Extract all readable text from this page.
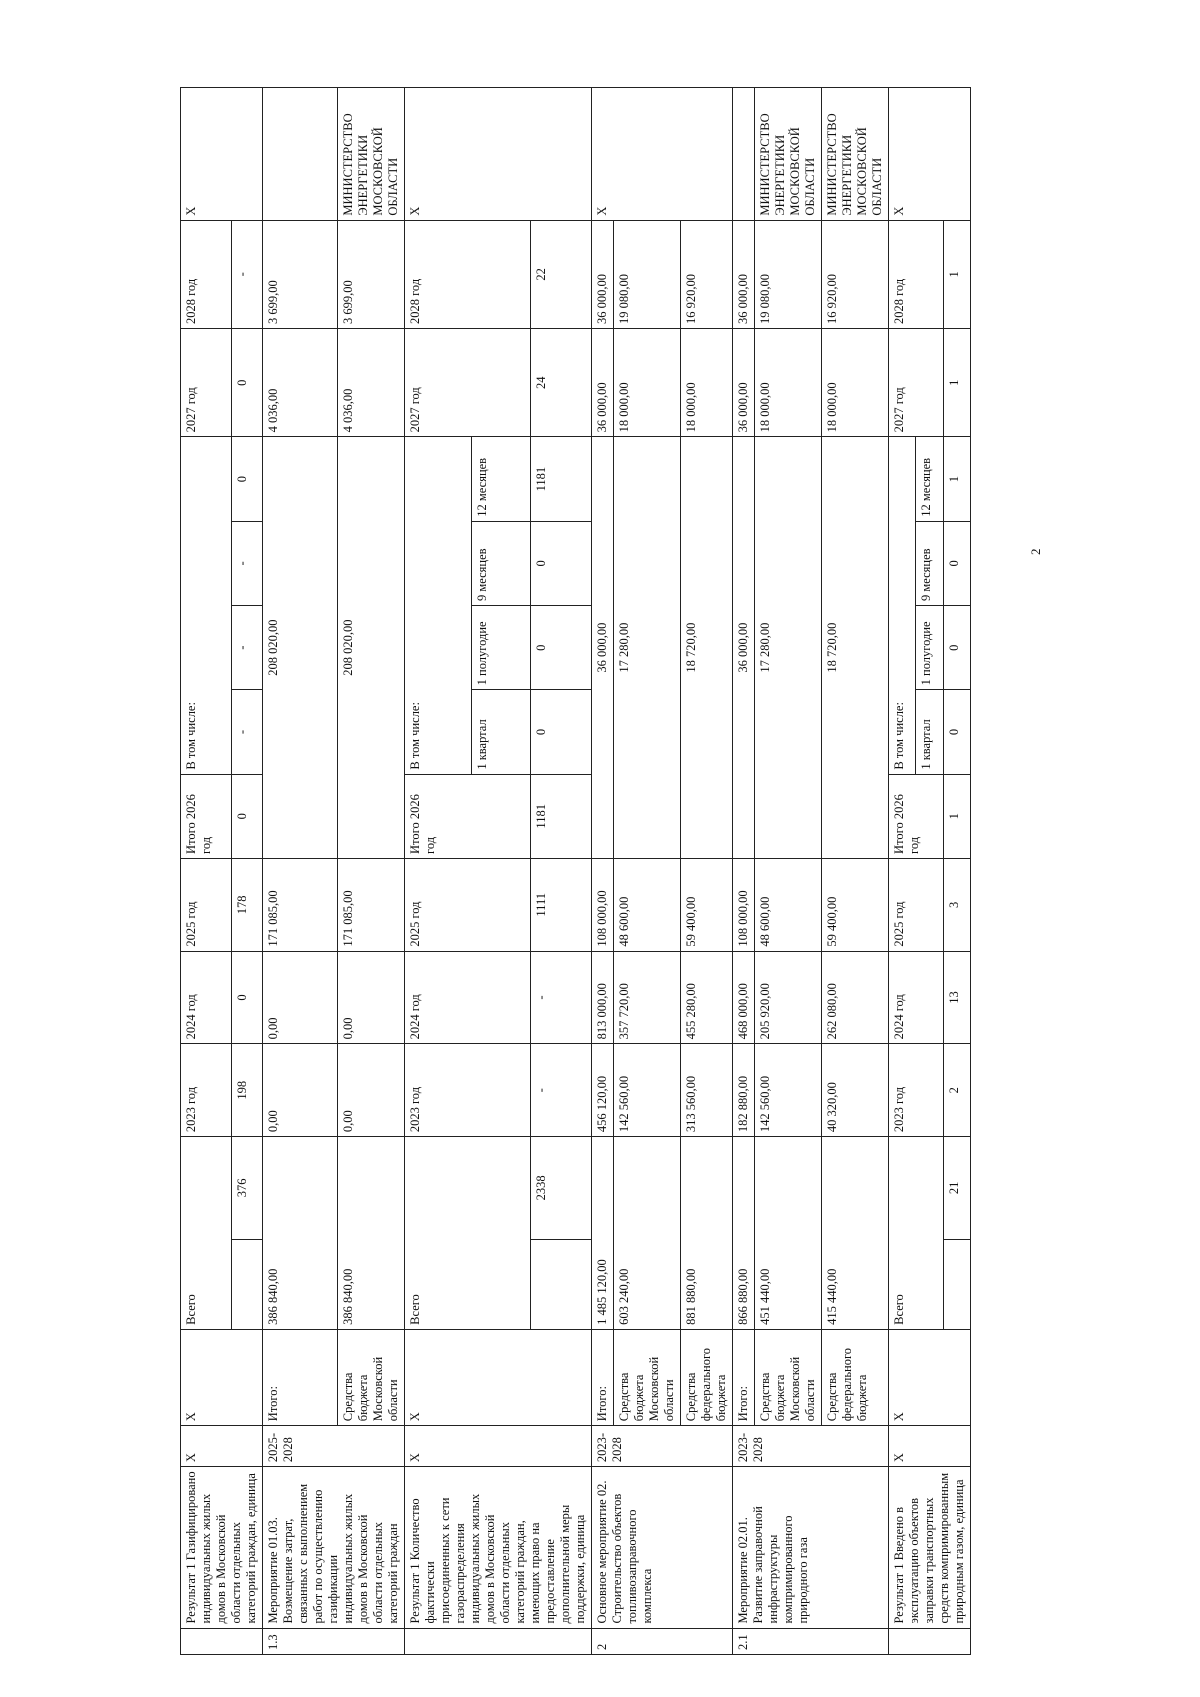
	Результат 1 Газифицировано индивидуальных жилых домов в Московской области отдельных категорий граждан, единица	X	X	Всего		2023 год	2024 год	2025 год	Итого 2026 год	В том числе:				2027 год	2028 год	X
					376	198	0	178	0	-	-	-	0	0	-	
1.3	Мероприятие 01.03. Возмещение затрат, связанных с выполнением работ по осуществлению газификации индивидуальных жилых домов в Московской области отдельных категорий граждан	2025-2028	Итого:	386 840,00		0,00	0,00	171 085,00	208 020,00					4 036,00	3 699,00	
			Средства бюджета Московской области	386 840,00		0,00	0,00	171 085,00	208 020,00					4 036,00	3 699,00	МИНИСТЕРСТВО ЭНЕРГЕТИКИ МОСКОВСКОЙ ОБЛАСТИ
	Результат 1 Количество фактически присоединенных к сети газораспределения индивидуальных жилых домов в Московской области отдельных категорий граждан, имеющих право на предоставление дополнительной меры поддержки, единица	X	X	Всего		2023 год	2024 год	2025 год	Итого 2026 год	В том числе:				2027 год	2028 год	X
										1 квартал	1 полугодие	9 месяцев	12 месяцев			
					2338	-	-	1111	1181	0	0	0	1181	24	22	
2	Основное мероприятие 02. Строительство объектов топливозаправочного комплекса	2023-2028	Итого:	1 485 120,00		456 120,00	813 000,00	108 000,00	36 000,00					36 000,00	36 000,00	X
			Средства бюджета Московской области	603 240,00		142 560,00	357 720,00	48 600,00	17 280,00					18 000,00	19 080,00	
			Средства федерального бюджета	881 880,00		313 560,00	455 280,00	59 400,00	18 720,00					18 000,00	16 920,00	
2.1	Мероприятие 02.01. Развитие заправочной инфраструктуры компримированного природного газа	2023-2028	Итого:	866 880,00		182 880,00	468 000,00	108 000,00	36 000,00					36 000,00	36 000,00	
			Средства бюджета Московской области	451 440,00		142 560,00	205 920,00	48 600,00	17 280,00					18 000,00	19 080,00	МИНИСТЕРСТВО ЭНЕРГЕТИКИ МОСКОВСКОЙ ОБЛАСТИ
			Средства федерального бюджета	415 440,00		40 320,00	262 080,00	59 400,00	18 720,00					18 000,00	16 920,00	МИНИСТЕРСТВО ЭНЕРГЕТИКИ МОСКОВСКОЙ ОБЛАСТИ
	Результат 1 Введено в эксплуатацию объектов заправки транспортных средств компримированным природным газом, единица	X	X	Всего		2023 год	2024 год	2025 год	Итого 2026 год	В том числе:				2027 год	2028 год	X
										1 квартал	1 полугодие	9 месяцев	12 месяцев			
					21	2	13	3	1	0	0	0	1	1	1	
2
